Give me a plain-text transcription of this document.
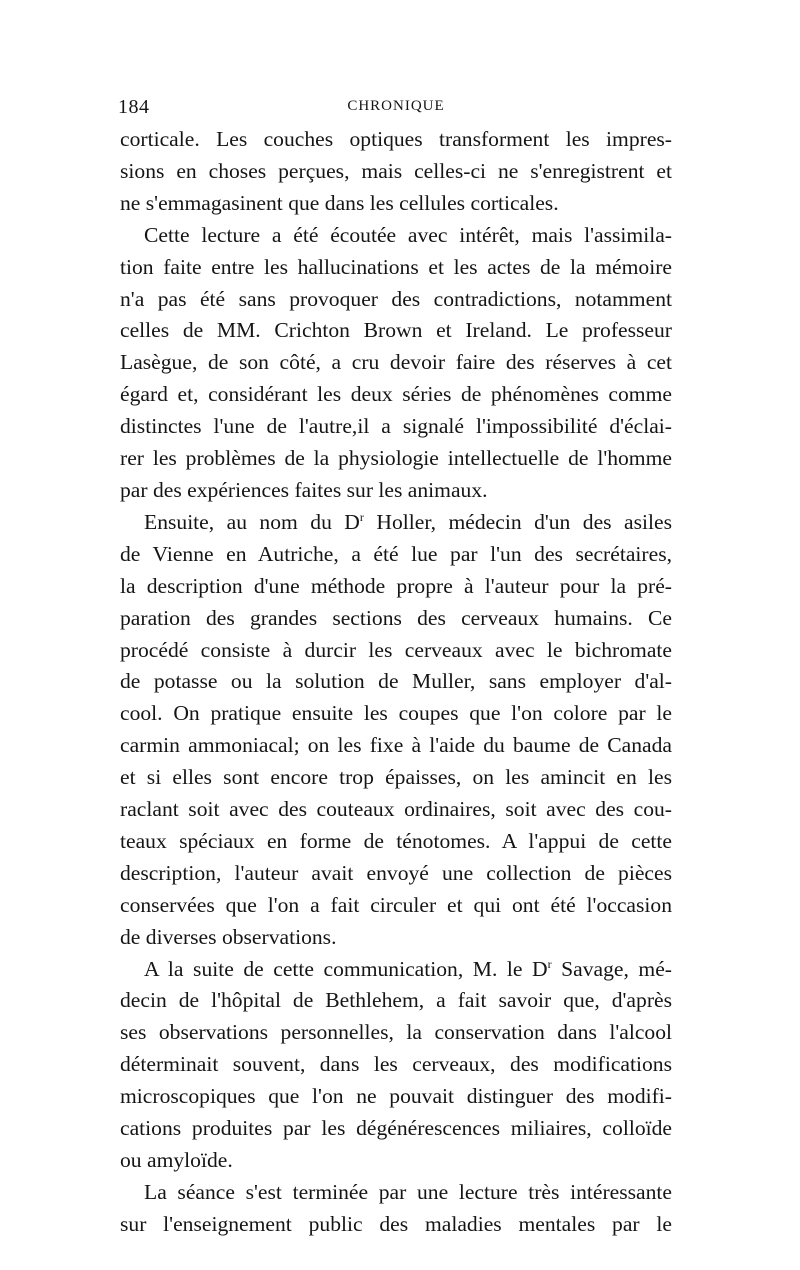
184	CHRONIQUE

corticale. Les couches optiques transforment les impres-
sions en choses perçues, mais celles-ci ne s'enregistrent et
ne s'emmagasinent que dans les cellules corticales.

Cette lecture a été écoutée avec intérêt, mais l'assimila-
tion faite entre les hallucinations et les actes de la mémoire
n'a pas été sans provoquer des contradictions, notamment
celles de MM. Crichton Brown et Ireland. Le professeur
Lasègue, de son côté, a cru devoir faire des réserves à cet
égard et, considérant les deux séries de phénomènes comme
distinctes l'une de l'autre,il a signalé l'impossibilité d'éclai-
rer les problèmes de la physiologie intellectuelle de l'homme
par des expériences faites sur les animaux.

Ensuite, au nom du $D^r$ Holler, médecin d'un des asiles
de Vienne en Autriche, a été lue par l'un des secrétaires,
la description d'une méthode propre à l'auteur pour la pré-
paration des grandes sections des cerveaux humains. Ce
procédé consiste à durcir les cerveaux avec le bichromate
de potasse ou la solution de Muller, sans employer d'al-
cool. On pratique ensuite les coupes que l'on colore par le
carmin ammoniacal; on les fixe à l'aide du baume de Canada
et si elles sont encore trop épaisses, on les amincit en les
raclant soit avec des couteaux ordinaires, soit avec des cou-
teaux spéciaux en forme de ténotomes. A l'appui de cette
description, l'auteur avait envoyé une collection de pièces
conservées que l'on a fait circuler et qui ont été l'occasion
de diverses observations.

A la suite de cette communication, M. le $D^r$ Savage, mé-
decin de l'hôpital de Bethlehem, a fait savoir que, d'après
ses observations personnelles, la conservation dans l'alcool
déterminait souvent, dans les cerveaux, des modifications
microscopiques que l'on ne pouvait distinguer des modifi-
cations produites par les dégénérescences miliaires, colloïde
ou amyloïde.

La séance s'est terminée par une lecture très intéressante
sur l'enseignement public des maladies mentales par le
